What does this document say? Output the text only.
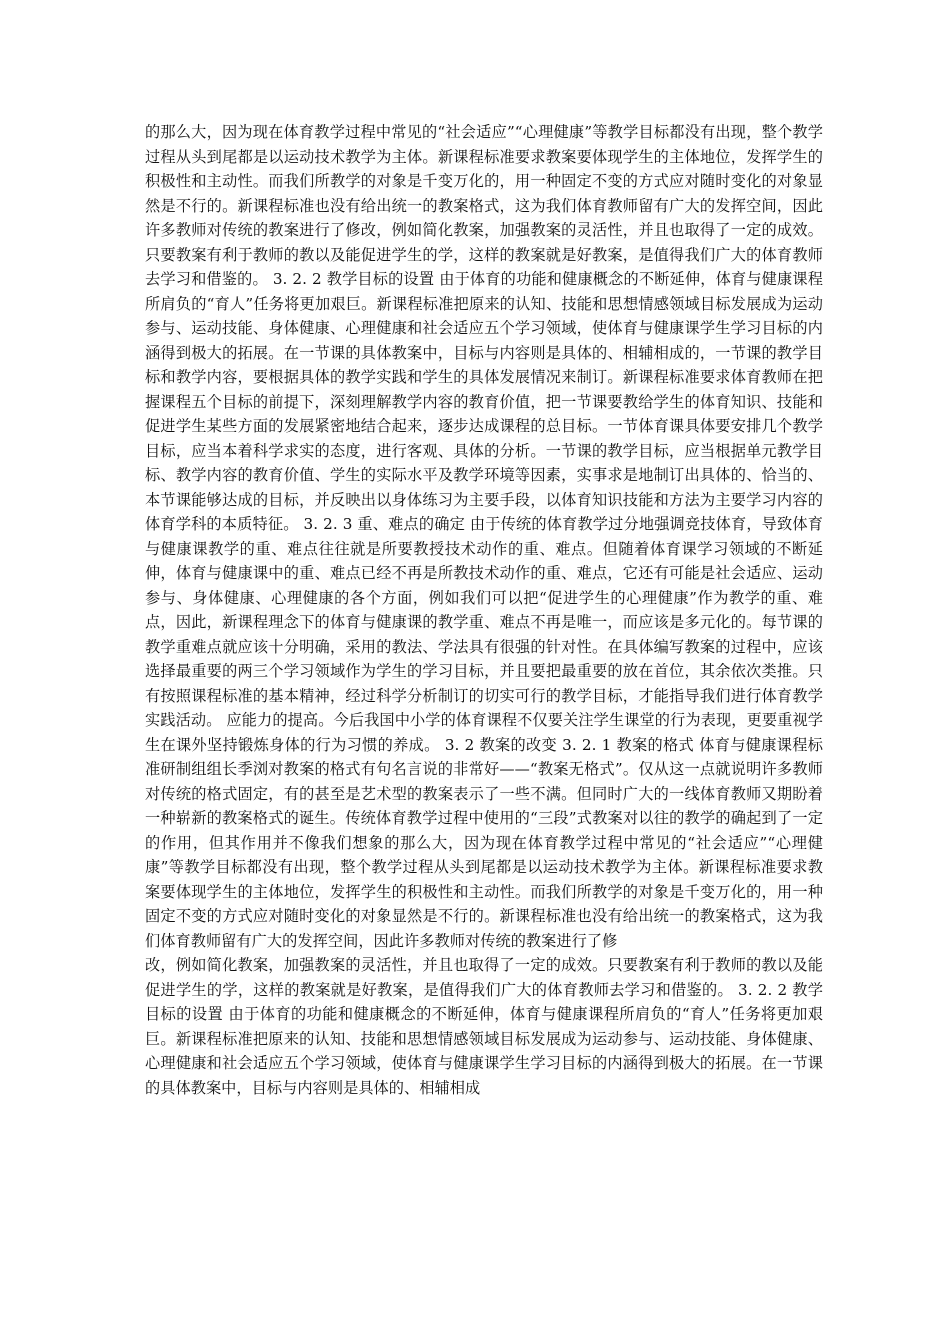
的那么大，因为现在体育教学过程中常见的“社会适应”“心理健康”等教学目标都没有出现，整个教学过程从头到尾都是以运动技术教学为主体。新课程标准要求教案要体现学生的主体地位，发挥学生的积极性和主动性。而我们所教学的对象是千变万化的，用一种固定不变的方式应对随时变化的对象显然是不行的。新课程标准也没有给出统一的教案格式，这为我们体育教师留有广大的发挥空间，因此许多教师对传统的教案进行了修改，例如简化教案，加强教案的灵活性，并且也取得了一定的成效。只要教案有利于教师的教以及能促进学生的学，这样的教案就是好教案，是值得我们广大的体育教师去学习和借鉴的。 3. 2. 2 教学目标的设置 由于体育的功能和健康概念的不断延伸，体育与健康课程所肩负的“育人”任务将更加艰巨。新课程标准把原来的认知、技能和思想情感领域目标发展成为运动参与、运动技能、身体健康、心理健康和社会适应五个学习领域，使体育与健康课学生学习目标的内涵得到极大的拓展。在一节课的具体教案中，目标与内容则是具体的、相辅相成的，一节课的教学目标和教学内容，要根据具体的教学实践和学生的具体发展情况来制订。新课程标准要求体育教师在把握课程五个目标的前提下，深刻理解教学内容的教育价值，把一节课要教给学生的体育知识、技能和促进学生某些方面的发展紧密地结合起来，逐步达成课程的总目标。一节体育课具体要安排几个教学目标，应当本着科学求实的态度，进行客观、具体的分析。一节课的教学目标，应当根据单元教学目标、教学内容的教育价值、学生的实际水平及教学环境等因素，实事求是地制订出具体的、恰当的、本节课能够达成的目标，并反映出以身体练习为主要手段，以体育知识技能和方法为主要学习内容的体育学科的本质特征。 3. 2. 3 重、难点的确定 由于传统的体育教学过分地强调竞技体育，导致体育与健康课教学的重、难点往往就是所要教授技术动作的重、难点。但随着体育课学习领域的不断延伸，体育与健康课中的重、难点已经不再是所教技术动作的重、难点，它还有可能是社会适应、运动参与、身体健康、心理健康的各个方面，例如我们可以把“促进学生的心理健康”作为教学的重、难点，因此，新课程理念下的体育与健康课的教学重、难点不再是唯一，而应该是多元化的。每节课的教学重难点就应该十分明确，采用的教法、学法具有很强的针对性。在具体编写教案的过程中，应该选择最重要的两三个学习领域作为学生的学习目标，并且要把最重要的放在首位，其余依次类推。只有按照课程标准的基本精神，经过科学分析制订的切实可行的教学目标，才能指导我们进行体育教学实践活动。 应能力的提高。今后我国中小学的体育课程不仅要关注学生课堂的行为表现，更要重视学生在课外坚持锻炼身体的行为习惯的养成。 3. 2 教案的改变 3. 2. 1 教案的格式 体育与健康课程标准研制组组长季浏对教案的格式有句名言说的非常好——“教案无格式”。仅从这一点就说明许多教师对传统的格式固定，有的甚至是艺术型的教案表示了一些不满。但同时广大的一线体育教师又期盼着一种崭新的教案格式的诞生。传统体育教学过程中使用的“三段”式教案对以往的教学的确起到了一定的作用，但其作用并不像我们想象的那么大，因为现在体育教学过程中常见的“社会适应”“心理健康”等教学目标都没有出现，整个教学过程从头到尾都是以运动技术教学为主体。新课程标准要求教案要体现学生的主体地位，发挥学生的积极性和主动性。而我们所教学的对象是千变万化的，用一种固定不变的方式应对随时变化的对象显然是不行的。新课程标准也没有给出统一的教案格式，这为我们体育教师留有广大的发挥空间，因此许多教师对传统的教案进行了修

改，例如简化教案，加强教案的灵活性，并且也取得了一定的成效。只要教案有利于教师的教以及能促进学生的学，这样的教案就是好教案，是值得我们广大的体育教师去学习和借鉴的。 3. 2. 2 教学目标的设置 由于体育的功能和健康概念的不断延伸，体育与健康课程所肩负的“育人”任务将更加艰巨。新课程标准把原来的认知、技能和思想情感领域目标发展成为运动参与、运动技能、身体健康、心理健康和社会适应五个学习领域，使体育与健康课学生学习目标的内涵得到极大的拓展。在一节课的具体教案中，目标与内容则是具体的、相辅相成
